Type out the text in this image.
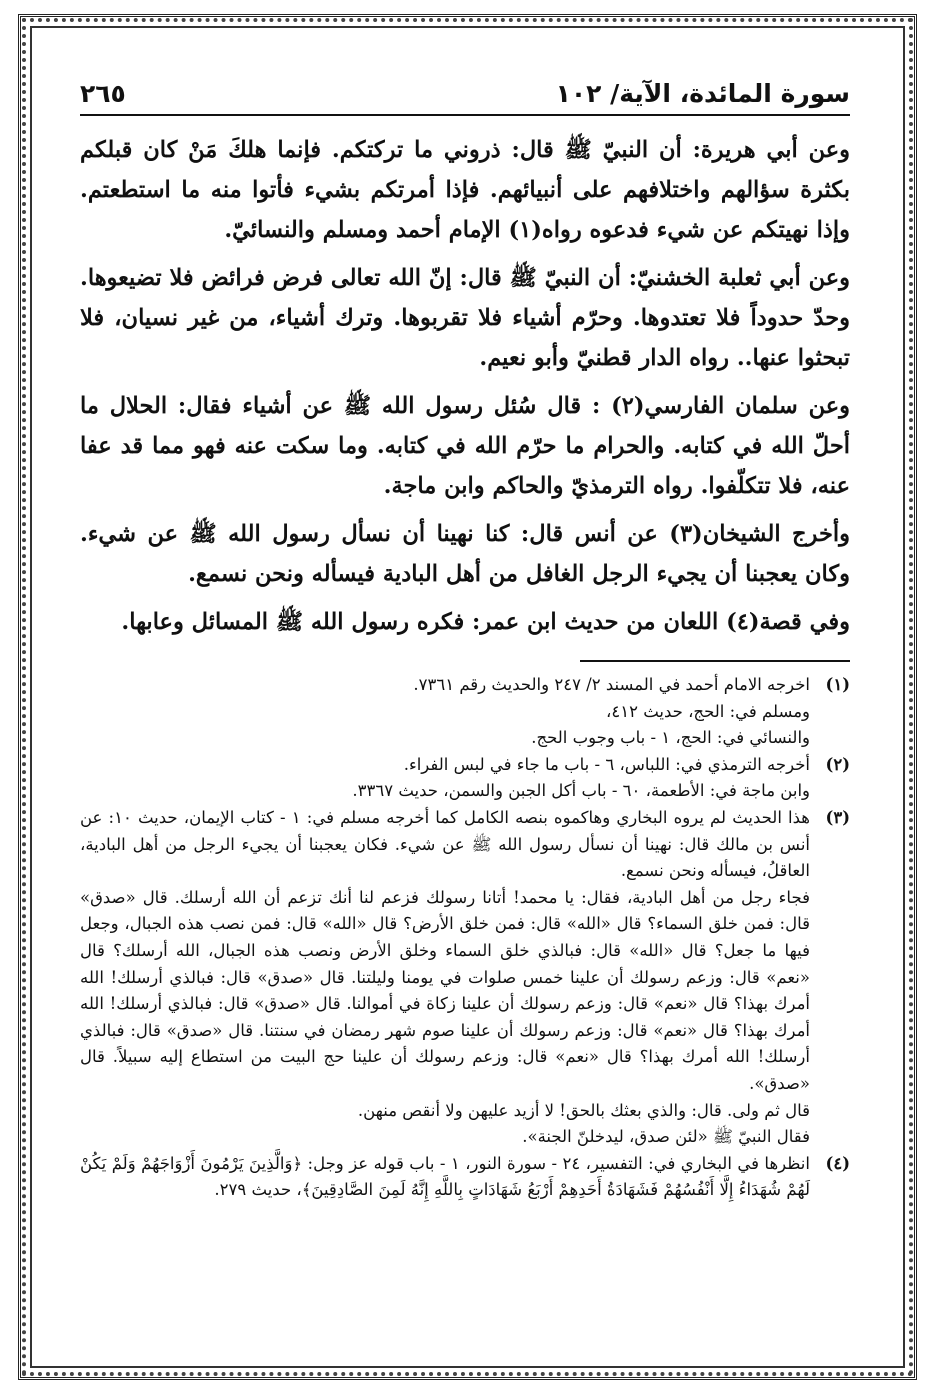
سورة المائدة، الآية/ ١٠٢
٢٦٥

وعن أبي هريرة: أن النبيّ ﷺ قال: ذروني ما تركتكم. فإنما هلكَ مَنْ كان قبلكم بكثرة سؤالهم واختلافهم على أنبيائهم. فإذا أمرتكم بشيء فأتوا منه ما استطعتم. وإذا نهيتكم عن شيء فدعوه رواه(١) الإمام أحمد ومسلم والنسائيّ.

وعن أبي ثعلبة الخشنيّ: أن النبيّ ﷺ قال: إنّ الله تعالى فرض فرائض فلا تضيعوها. وحدّ حدوداً فلا تعتدوها. وحرّم أشياء فلا تقربوها. وترك أشياء، من غير نسيان، فلا تبحثوا عنها.. رواه الدار قطنيّ وأبو نعيم.

وعن سلمان الفارسي(٢) : قال سُئل رسول الله ﷺ عن أشياء فقال: الحلال ما أحلّ الله في كتابه. والحرام ما حرّم الله في كتابه. وما سكت عنه فهو مما قد عفا عنه، فلا تتكلّفوا. رواه الترمذيّ والحاكم وابن ماجة.

وأخرج الشيخان(٣) عن أنس قال: كنا نهينا أن نسأل رسول الله ﷺ عن شيء. وكان يعجبنا أن يجيء الرجل الغافل من أهل البادية فيسأله ونحن نسمع.

وفي قصة(٤) اللعان من حديث ابن عمر: فكره رسول الله ﷺ المسائل وعابها.

(١)

اخرجه الامام أحمد في المسند ٢/ ٢٤٧ والحديث رقم ٧٣٦١.

ومسلم في: الحج، حديث ٤١٢،

والنسائي في: الحج، ١ - باب وجوب الحج.

(٢)

أخرجه الترمذي في: اللباس، ٦ - باب ما جاء في لبس الفراء.

وابن ماجة في: الأطعمة، ٦٠ - باب أكل الجبن والسمن، حديث ٣٣٦٧.

(٣)

هذا الحديث لم يروه البخاري وهاكموه بنصه الكامل كما أخرجه مسلم في: ١ - كتاب الإيمان، حديث ١٠: عن أنس بن مالك قال: نهينا أن نسأل رسول الله ﷺ عن شيء. فكان يعجبنا أن يجيء الرجل من أهل البادية، العاقلُ، فيسأله ونحن نسمع.

فجاء رجل من أهل البادية، فقال: يا محمد! أتانا رسولك فزعم لنا أنك تزعم أن الله أرسلك. قال «صدق» قال: فمن خلق السماء؟ قال «الله» قال: فمن خلق الأرض؟ قال «الله» قال: فمن نصب هذه الجبال، وجعل فيها ما جعل؟ قال «الله» قال: فبالذي خلق السماء وخلق الأرض ونصب هذه الجبال، الله أرسلك؟ قال «نعم» قال: وزعم رسولك أن علينا خمس صلوات في يومنا وليلتنا. قال «صدق» قال: فبالذي أرسلك! الله أمرك بهذا؟ قال «نعم» قال: وزعم رسولك أن علينا زكاة في أموالنا. قال «صدق» قال: فبالذي أرسلك! الله أمرك بهذا؟ قال «نعم» قال: وزعم رسولك أن علينا صوم شهر رمضان في سنتنا. قال «صدق» قال: فبالذي أرسلك! الله أمرك بهذا؟ قال «نعم» قال: وزعم رسولك أن علينا حج البيت من استطاع إليه سبيلاً. قال «صدق».

قال ثم ولى. قال: والذي بعثك بالحق! لا أزيد عليهن ولا أنقص منهن.

فقال النبيّ ﷺ «لئن صدق، ليدخلنّ الجنة».

(٤)

انظرها في البخاري في: التفسير، ٢٤ - سورة النور، ١ - باب قوله عز وجل: ﴿وَالَّذِينَ يَرْمُونَ أَزْوَاجَهُمْ وَلَمْ يَكُنْ لَهُمْ شُهَدَاءُ إِلَّا أَنْفُسُهُمْ فَشَهَادَةُ أَحَدِهِمْ أَرْبَعُ شَهَادَاتٍ بِاللَّهِ إِنَّهُ لَمِنَ الصَّادِقِينَ﴾، حديث ٢٧٩.
